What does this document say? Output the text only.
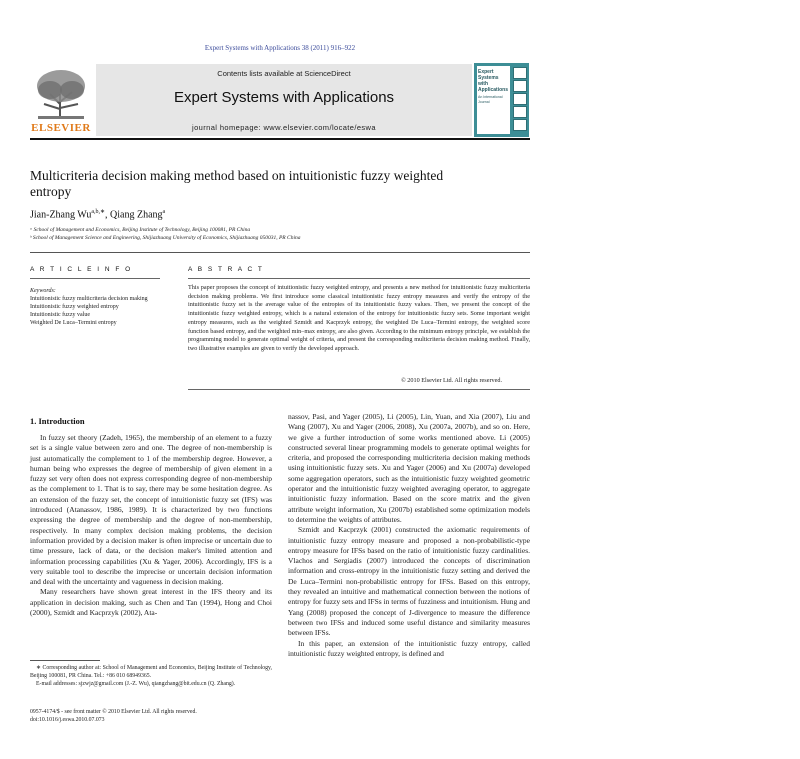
Expert Systems with Applications 38 (2011) 916–922
ELSEVIER
Contents lists available at ScienceDirect
Expert Systems with Applications
journal homepage: www.elsevier.com/locate/eswa
Expert Systems with Applications
An International Journal
Multicriteria decision making method based on intuitionistic fuzzy weighted entropy
Jian-Zhang $Wu^{a,b,∗}$, Qiang Zhang$^a$
ᵃ School of Management and Economics, Beijing Institute of Technology, Beijing 100081, PR China
ᵇ School of Management Science and Engineering, Shijiazhuang University of Economics, Shijiazhuang 050031, PR China
A R T I C L E I N F O
Keywords:
Intuitionistic fuzzy multicriteria decision making
Intuitionistic fuzzy weighted entropy
Intuitionistic fuzzy value
Weighted De Luca–Termini entropy
A B S T R A C T
This paper proposes the concept of intuitionistic fuzzy weighted entropy, and presents a new method for intuitionistic fuzzy multicriteria decision making problems. We first introduce some classical intuitionistic fuzzy entropy measures and verify the entropy of the intuitionistic fuzzy set is the average value of the entropies of its intuitionistic fuzzy values. Then, we present the concept of the intuitionistic fuzzy weighted entropy, which is a natural extension of the entropy for intuitionistic fuzzy sets. Some important weight entropy measures, such as the weighted Szmidt and Kacprzyk entropy, the weighted De Luca–Termini entropy, the weighted score function based entropy, and the weighted min–max entropy, are also given. According to the minimum entropy principle, we establish the programming model to generate optimal weight of criteria, and present the corresponding multicriteria decision making method. Finally, two illustrative examples are given to verify the developed approach.
© 2010 Elsevier Ltd. All rights reserved.
1. Introduction

In fuzzy set theory (Zadeh, 1965), the membership of an element to a fuzzy set is a single value between zero and one. The degree of non-membership is just automatically the complement to 1 of the membership degree. However, a human being who expresses the degree of membership of given element in a fuzzy set very often does not express corresponding degree of non-membership as the complement to 1. That is to say, there may be some hesitation degree. As an extension of the fuzzy set, the concept of intuitionistic fuzzy set (IFS) was introduced (Atanassov, 1986, 1989). It is characterized by two functions expressing the degree of membership and the degree of non-membership, respectively. In many complex decision making problems, the decision information provided by a decision maker is often imprecise or uncertain due to time pressure, lack of data, or the decision maker's limited attention and information processing capabilities (Xu & Yager, 2006). Accordingly, IFS is a very suitable tool to describe the imprecise or uncertain decision information and deal with the uncertainty and vagueness in decision making.

Many researchers have shown great interest in the IFS theory and its application in decision making, such as Chen and Tan (1994), Hong and Choi (2000), Szmidt and Kacprzyk (2002), Ata-

nassov, Pasi, and Yager (2005), Li (2005), Lin, Yuan, and Xia (2007), Liu and Wang (2007), Xu and Yager (2006, 2008), Xu (2007a, 2007b), and so on. Here, we give a further introduction of some works mentioned above. Li (2005) constructed several linear programming models to generate optimal weights for criteria, and proposed the corresponding multicriteria decision making methods using intuitionistic fuzzy sets. Xu and Yager (2006) and Xu (2007a) developed some aggregation operators, such as the intuitionistic fuzzy weighted geometric operator and the intuitionistic fuzzy weighted averaging operator, to aggregate intuitionistic fuzzy information. Based on the score matrix and the given attribute weight information, Xu (2007b) established some optimization models to determine the weights of attributes.

Szmidt and Kacprzyk (2001) constructed the axiomatic requirements of intuitionistic fuzzy entropy measure and proposed a non-probabilistic-type entropy measure for IFSs based on the ratio of intuitionistic fuzzy cardinalities. Vlachos and Sergiadis (2007) introduced the concepts of discrimination information and cross-entropy in the intuitionistic fuzzy setting and derived the De Luca–Termini non-probabilistic entropy for IFSs. Based on this entropy, they revealed an intuitive and mathematical connection between the notions of entropy for fuzzy sets and IFSs in terms of fuzziness and intuitionism. Hung and Yang (2008) proposed the concept of J-divergence to measure the difference between two IFSs and induced some useful distance and similarity measures between IFSs.

In this paper, an extension of the intuitionistic fuzzy entropy, called intuitionistic fuzzy weighted entropy, is defined and

∗ Corresponding author at: School of Management and Economics, Beijing Institute of Technology, Beijing 100081, PR China. Tel.: +86 010 68949365.

E-mail addresses: sjzwjz@gmail.com (J.-Z. Wu), qiangzhang@bit.edu.cn (Q. Zhang).

0957-4174/$ - see front matter © 2010 Elsevier Ltd. All rights reserved.
doi:10.1016/j.eswa.2010.07.073
